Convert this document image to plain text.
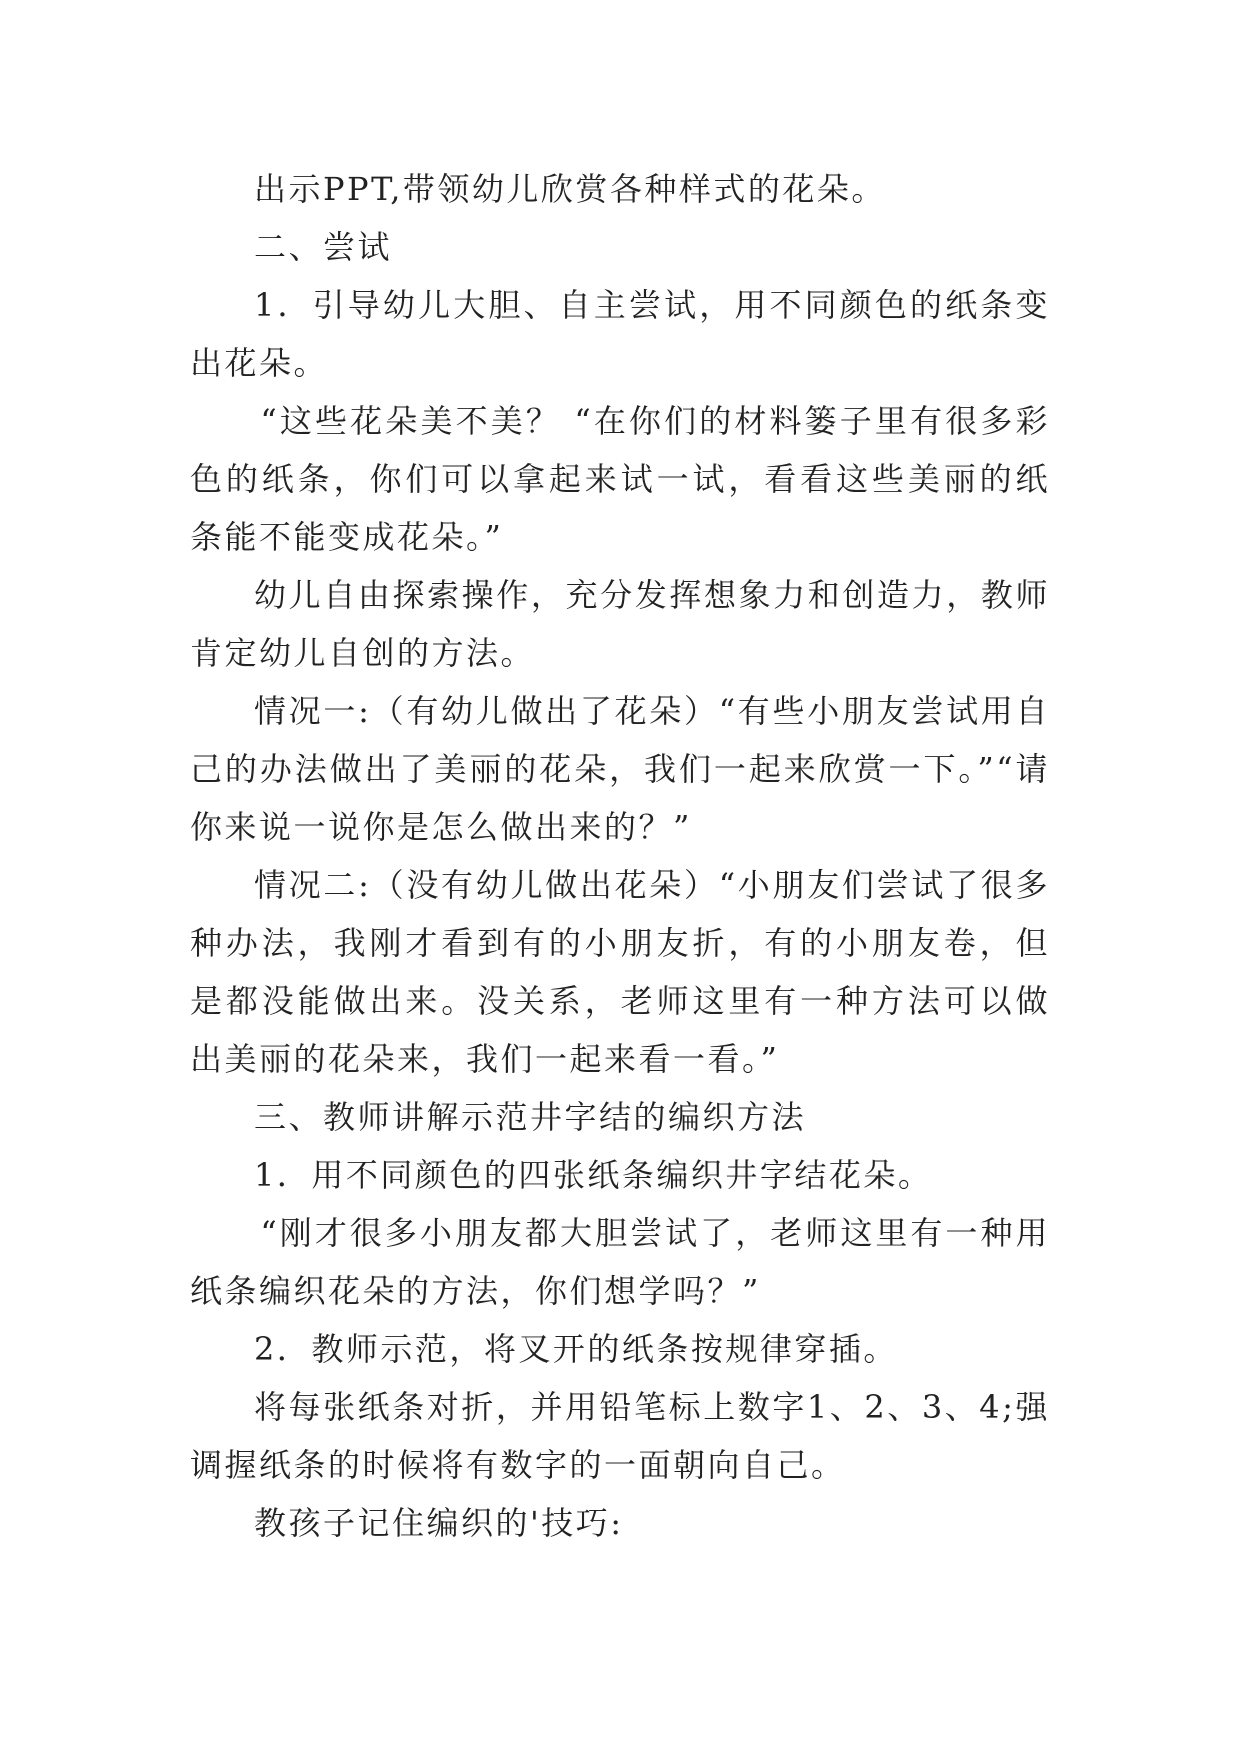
出示PPT,带领幼儿欣赏各种样式的花朵。

二、尝试

1．引导幼儿大胆、自主尝试，用不同颜色的纸条变出花朵。

“这些花朵美不美？ “在你们的材料篓子里有很多彩色的纸条，你们可以拿起来试一试，看看这些美丽的纸条能不能变成花朵。”

幼儿自由探索操作，充分发挥想象力和创造力，教师肯定幼儿自创的方法。

情况一:（有幼儿做出了花朵）“有些小朋友尝试用自己的办法做出了美丽的花朵，我们一起来欣赏一下。”“请你来说一说你是怎么做出来的？”

情况二:（没有幼儿做出花朵）“小朋友们尝试了很多种办法，我刚才看到有的小朋友折，有的小朋友卷，但是都没能做出来。没关系，老师这里有一种方法可以做出美丽的花朵来，我们一起来看一看。”

三、教师讲解示范井字结的编织方法

1．用不同颜色的四张纸条编织井字结花朵。

“刚才很多小朋友都大胆尝试了，老师这里有一种用纸条编织花朵的方法，你们想学吗？”

2．教师示范，将叉开的纸条按规律穿插。

将每张纸条对折，并用铅笔标上数字1、2、3、4;强调握纸条的时候将有数字的一面朝向自己。

教孩子记住编织的'技巧:
